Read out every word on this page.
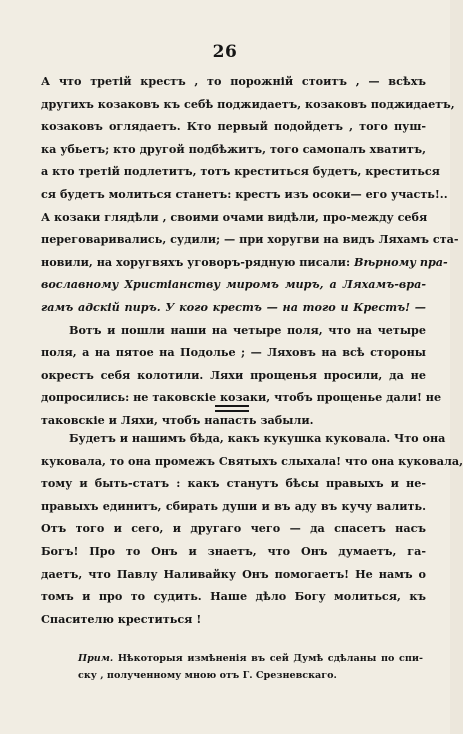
26
А что третій крестъ , то порожній стоитъ , — всѣхъ
другихъ козаковъ къ себѣ поджидаетъ, козаковъ поджидаетъ,
козаковъ оглядаетъ. Кто первый подойдетъ , того пуш-
ка убьетъ; кто другой подбѣжитъ, того самопалъ хватитъ,
а кто третій подлетитъ, тотъ креститься будетъ, креститься
ся будетъ молиться станетъ: крестъ изъ осоки— его участь!..
А козаки глядѣли , своими очами видѣли, про-между себя
переговаривались, судили; — при хоругви на видъ Ляхамъ ста-
новили, на хоругвяхъ уговоръ-рядную писали: Вѣрному пра-
вославному Христіанству миромъ миръ, а Ляхамъ-вра-
гамъ адскій пиръ. У кого крестъ — на того и Крестъ! —
Вотъ и пошли наши на четыре поля, что на четыре
поля, а на пятое на Подолье ; — Ляховъ на всѣ стороны
окрестъ себя колотили. Ляхи прощенья просили, да не
допросились: не таковскіе козаки, чтобъ прощенье дали! не
таковскіе и Ляхи, чтобъ напасть забыли.
Будетъ и нашимъ бѣда, какъ кукушка куковала. Что она
куковала, то она промежъ Святыхъ слыхала! что она куковала,
тому и быть-статъ : какъ станутъ бѣсы правыхъ и не-
правыхъ единитъ, сбирать души и въ аду въ кучу валить.
Отъ того и сего, и другаго чего — да спасетъ насъ
Богъ! Про то Онъ и знаетъ, что Онъ думаетъ, га-
даетъ, что Павлу Наливайку Онъ помогаетъ! Не намъ о
томъ и про то судить. Наше дѣло Богу молиться, къ
Спасителю креститься !
Прим. Нѣкоторыя измѣненія въ сей Думѣ сдѣланы по спи-
ску , полученному мною отъ Г. Срезневскаго.
